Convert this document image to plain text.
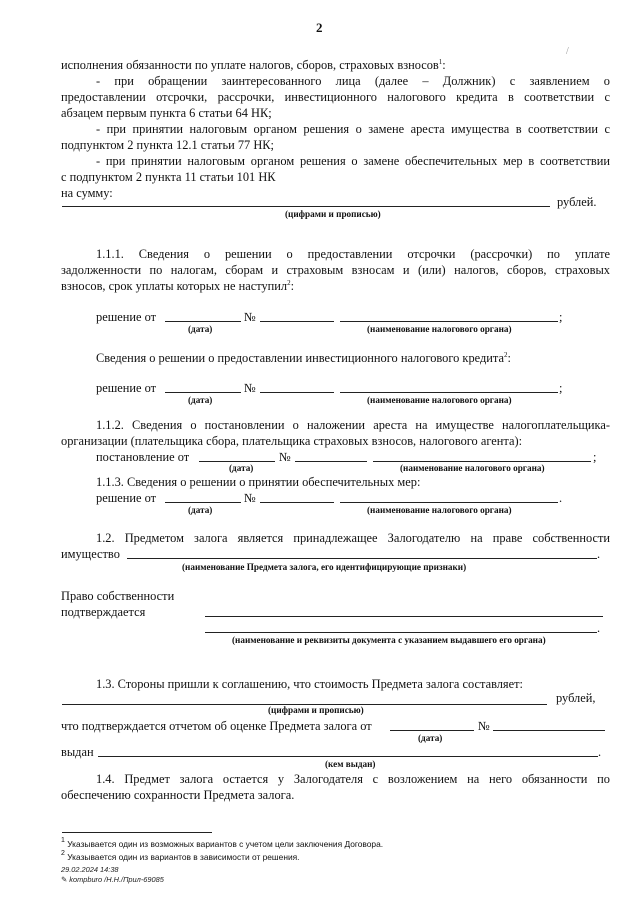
2
/
исполнения обязанности по уплате налогов, сборов, страховых взносов$^1$:
- при обращении заинтересованного лица (далее – Должник) с заявлением о
предоставлении отсрочки, рассрочки, инвестиционного налогового кредита в соответствии с
абзацем первым пункта 6 статьи 64 НК;
- при принятии налоговым органом решения о замене ареста имущества в соответствии с
подпунктом 2 пункта 12.1 статьи 77 НК;
- при принятии налоговым органом решения о замене обеспечительных мер в соответствии
с подпунктом 2 пункта 11 статьи 101 НК
на сумму:
рублей.
(цифрами и прописью)
1.1.1. Сведения о решении о предоставлении отсрочки (рассрочки) по уплате
задолженности по налогам, сборам и страховым взносам и (или) налогов, сборов, страховых
взносов, срок уплаты которых не наступил$^2$:
решение от	№	;
(дата)	(наименование налогового органа)
Сведения о решении о предоставлении инвестиционного налогового кредита$^2$:
решение от	№	;
(дата)	(наименование налогового органа)
1.1.2. Сведения о постановлении о наложении ареста на имуществе налогоплательщика-
организации (плательщика сбора, плательщика страховых взносов, налогового агента):
постановление от	№	;
(дата)	(наименование налогового органа)
1.1.3. Сведения о решении о принятии обеспечительных мер:
решение от	№	.
(дата)	(наименование налогового органа)
1.2. Предметом залога является принадлежащее Залогодателю на праве собственности
имущество	.
(наименование Предмета залога, его идентифицирующие признаки)
Право собственности
подтверждается
.
(наименование и реквизиты документа с указанием выдавшего его органа)
1.3. Стороны пришли к соглашению, что стоимость Предмета залога составляет:
рублей,
(цифрами и прописью)
что подтверждается отчетом об оценке Предмета залога от	№
(дата)
выдан	.
(кем выдан)
1.4. Предмет залога остается у Залогодателя с возложением на него обязанности по
обеспечению сохранности Предмета залога.
$^1$ Указывается один из возможных вариантов с учетом цели заключения Договора.
$^2$ Указывается один из вариантов в зависимости от решения.
29.02.2024 14:38
✎ kompburo /Н.Н./Прил-69085
